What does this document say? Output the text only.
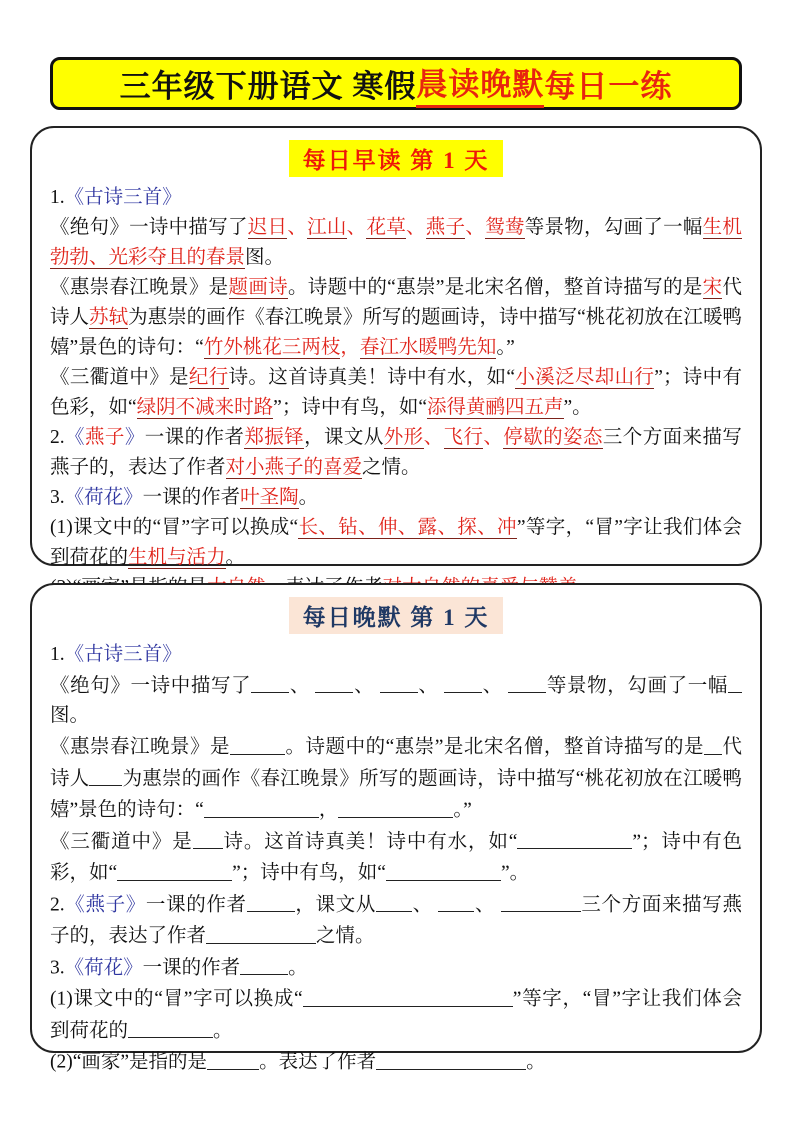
三年级下册语文 寒假 晨读晚默 每日一练
每日早读 第 1 天
1.《古诗三首》
《绝句》一诗中描写了迟日、江山、花草、燕子、鸳鸯等景物，勾画了一幅生机勃勃、光彩夺且的春景图。
《惠崇春江晚景》是题画诗。诗题中的“惠崇”是北宋名僧，整首诗描写的是宋代诗人苏轼为惠崇的画作《春江晚景》所写的题画诗，诗中描写“桃花初放在江暖鸭嬉”景色的诗句：“竹外桃花三两枝，春江水暖鸭先知。”
《三衢道中》是纪行诗。这首诗真美！诗中有水，如“小溪泛尽却山行”；诗中有色彩，如“绿阴不减来时路”；诗中有鸟，如“添得黄鹂四五声”。
2.《燕子》一课的作者郑振铎，课文从外形、飞行、停歇的姿态三个方面来描写燕子的，表达了作者对小燕子的喜爱之情。
3.《荷花》一课的作者叶圣陶。
(1)课文中的“冒”字可以换成“长、钻、伸、露、探、冲”等字，“冒”字让我们体会到荷花的生机与活力。
每日晚默 第 1 天
1.《古诗三首》
《绝句》一诗中描写了 、 、 、 、 等景物，勾画了一幅图。
《惠崇春江晚景》是	。诗题中的“惠崇”是北宋名僧，整首诗描写的是 代诗人 为惠崇的画作《春江晚景》所写的题画诗，诗中描写“桃花初放在江暖鸭嬉”景色的诗句：“	，	。”
《三衢道中》是 诗。这首诗真美！诗中有水，如“	”；诗中有色彩，如“	”；诗中有鸟，如“	”。
2.《燕子》一课的作者 ，课文从 、 、	三个方面来描写燕子的，表达了作者	之情。
3.《荷花》一课的作者 。
(1)课文中的“冒”字可以换成“	”等字，“冒”字让我们体会到荷花的	。
(2)“画家”是指的是	。表达了作者	。
